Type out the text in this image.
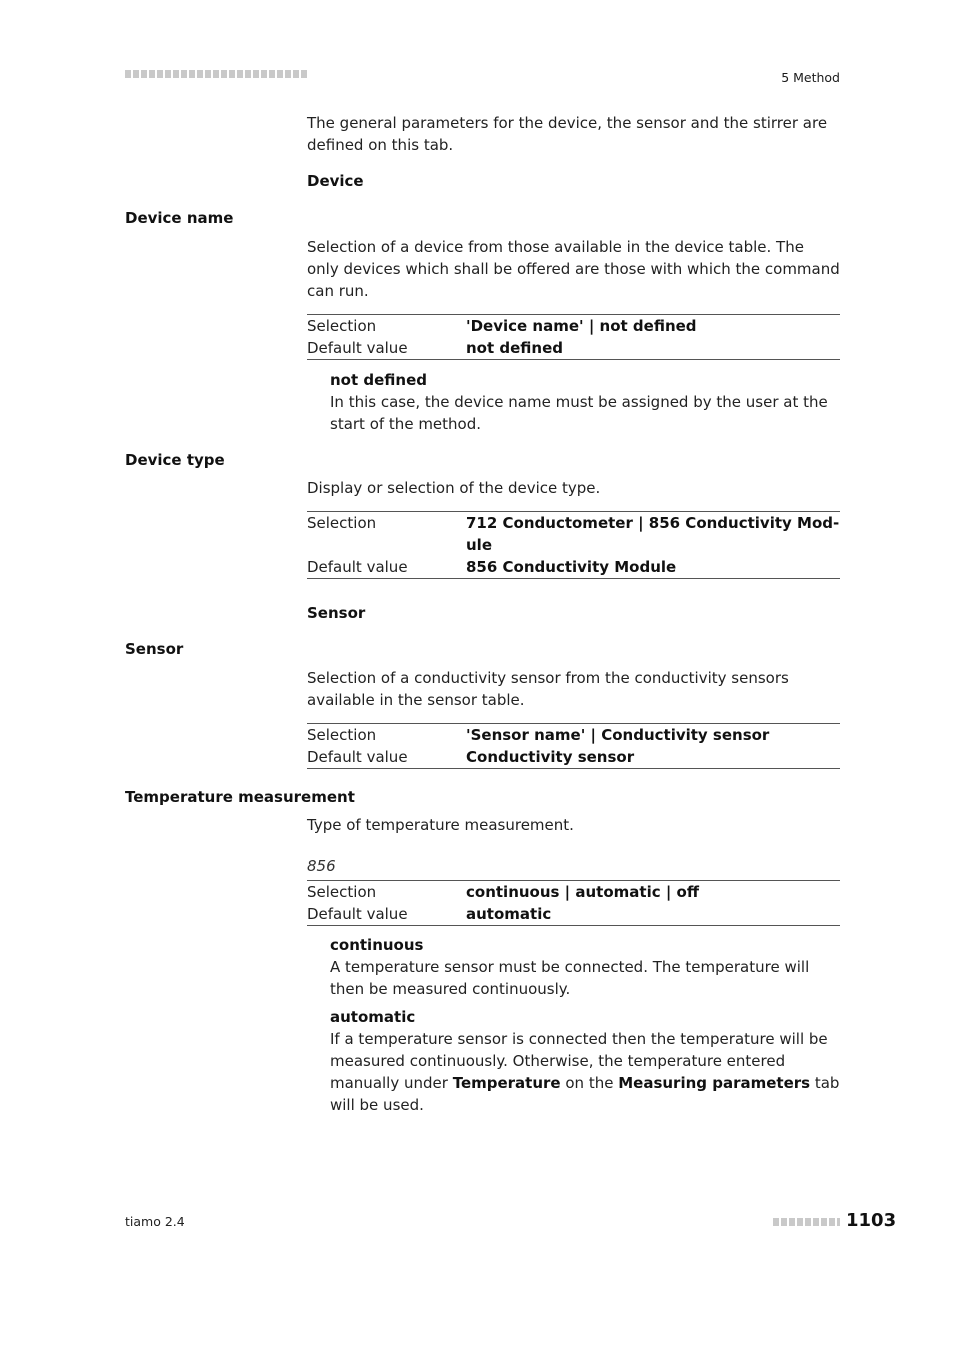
5 Method
The general parameters for the device, the sensor and the stirrer are defined on this tab.
Device
Device name
Selection of a device from those available in the device table. The only devices which shall be offered are those with which the command can run.
Selection	'Device name' | not defined
Default value	not defined
not defined
In this case, the device name must be assigned by the user at the start of the method.
Device type
Display or selection of the device type.
Selection	712 Conductometer | 856 Conductivity Mod-ule
Default value	856 Conductivity Module
Sensor
Sensor
Selection of a conductivity sensor from the conductivity sensors available in the sensor table.
Selection	'Sensor name' | Conductivity sensor
Default value	Conductivity sensor
Temperature measurement
Type of temperature measurement.
856
Selection	continuous | automatic | off
Default value	automatic
continuous
A temperature sensor must be connected. The temperature will then be measured continuously.
automatic
If a temperature sensor is connected then the temperature will be measured continuously. Otherwise, the temperature entered manually under Temperature on the Measuring parameters tab will be used.
tiamo 2.4	1103
